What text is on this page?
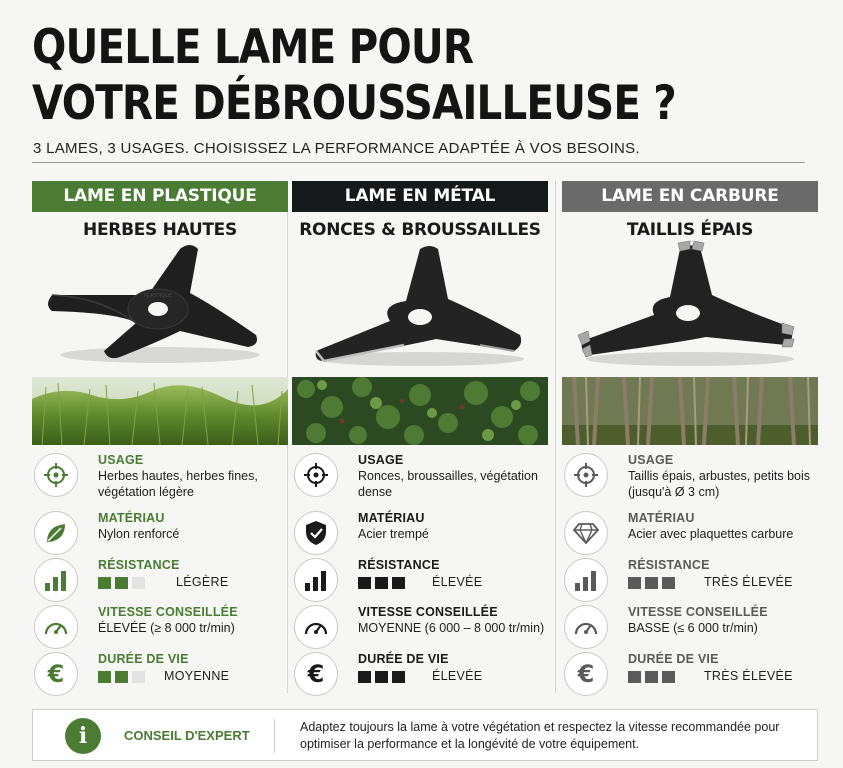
QUELLE LAME POUR
VOTRE DÉBROUSSAILLEUSE ?
3 LAMES, 3 USAGES. CHOISISSEZ LA PERFORMANCE ADAPTÉE À VOS BESOINS.
LAME EN PLASTIQUE
HERBES HAUTES
PLASTIQUE
USAGE
Herbes hautes, herbes fines, végétation légère
MATÉRIAU
Nylon renforcé
RÉSISTANCE
LÉGÈRE
VITESSE CONSEILLÉE
ÉLEVÉE (≥ 8 000 tr/min)
€
DURÉE DE VIE
MOYENNE
LAME EN MÉTAL
RONCES & BROUSSAILLES
USAGE
Ronces, broussailles, végétation dense
MATÉRIAU
Acier trempé
RÉSISTANCE
ÉLEVÉE
VITESSE CONSEILLÉE
MOYENNE (6 000 – 8 000 tr/min)
€
DURÉE DE VIE
ÉLEVÉE
LAME EN CARBURE
TAILLIS ÉPAIS
USAGE
Taillis épais, arbustes, petits bois (jusqu'à Ø 3 cm)
MATÉRIAU
Acier avec plaquettes carbure
RÉSISTANCE
TRÈS ÉLEVÉE
VITESSE CONSEILLÉE
BASSE (≤ 6 000 tr/min)
€
DURÉE DE VIE
TRÈS ÉLEVÉE
i	CONSEIL D'EXPERT
Adaptez toujours la lame à votre végétation et respectez la vitesse recommandée pour optimiser la performance et la longévité de votre équipement.
